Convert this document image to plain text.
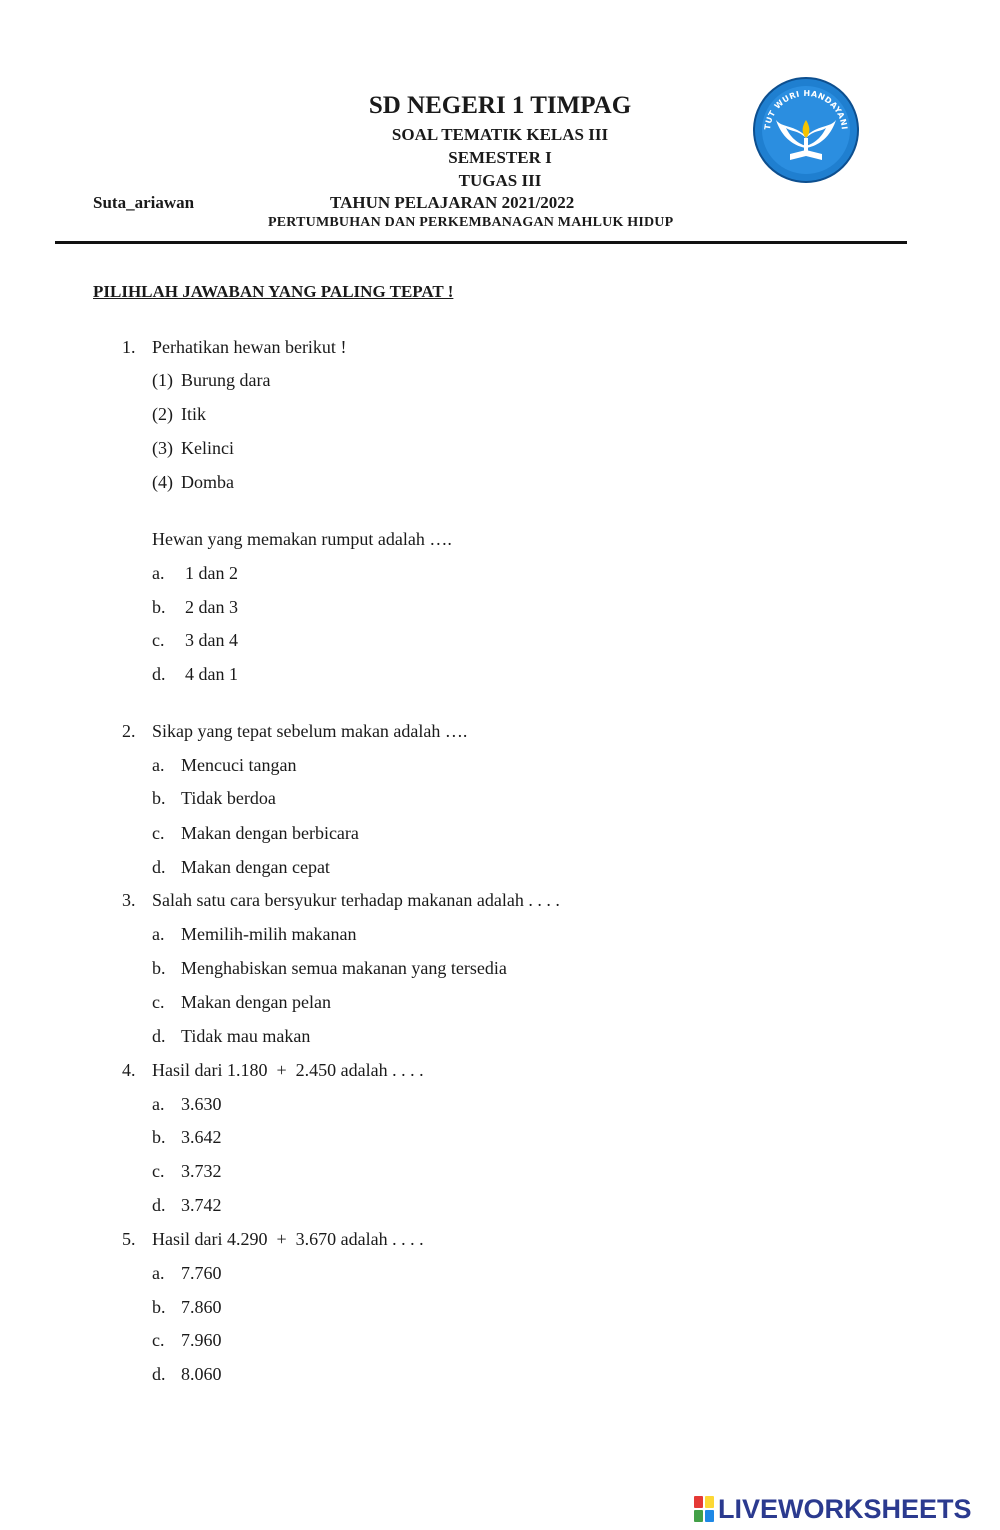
SD NEGERI 1 TIMPAG
SOAL TEMATIK KELAS III
SEMESTER I
TUGAS III
Suta_ariawan	TAHUN PELAJARAN 2021/2022
PERTUMBUHAN DAN PERKEMBANAGAN MAHLUK HIDUP
TUT WURI HANDAYANI
PILIHLAH JAWABAN YANG PALING TEPAT !
1. Perhatikan hewan berikut !
(1) Burung dara
(2) Itik
(3) Kelinci
(4) Domba
Hewan yang memakan rumput adalah ….
a. 1 dan 2
b. 2 dan 3
c. 3 dan 4
d. 4 dan 1
2. Sikap yang tepat sebelum makan adalah ….
a. Mencuci tangan
b. Tidak berdoa
c. Makan dengan berbicara
d. Makan dengan cepat
3. Salah satu cara bersyukur terhadap makanan adalah . . . .
a. Memilih-milih makanan
b. Menghabiskan semua makanan yang tersedia
c. Makan dengan pelan
d. Tidak mau makan
4. Hasil dari 1.180  +  2.450 adalah . . . .
a. 3.630
b. 3.642
c. 3.732
d. 3.742
5. Hasil dari 4.290  +  3.670 adalah . . . .
a. 7.760
b. 7.860
c. 7.960
d. 8.060
LIVEWORKSHEETS
